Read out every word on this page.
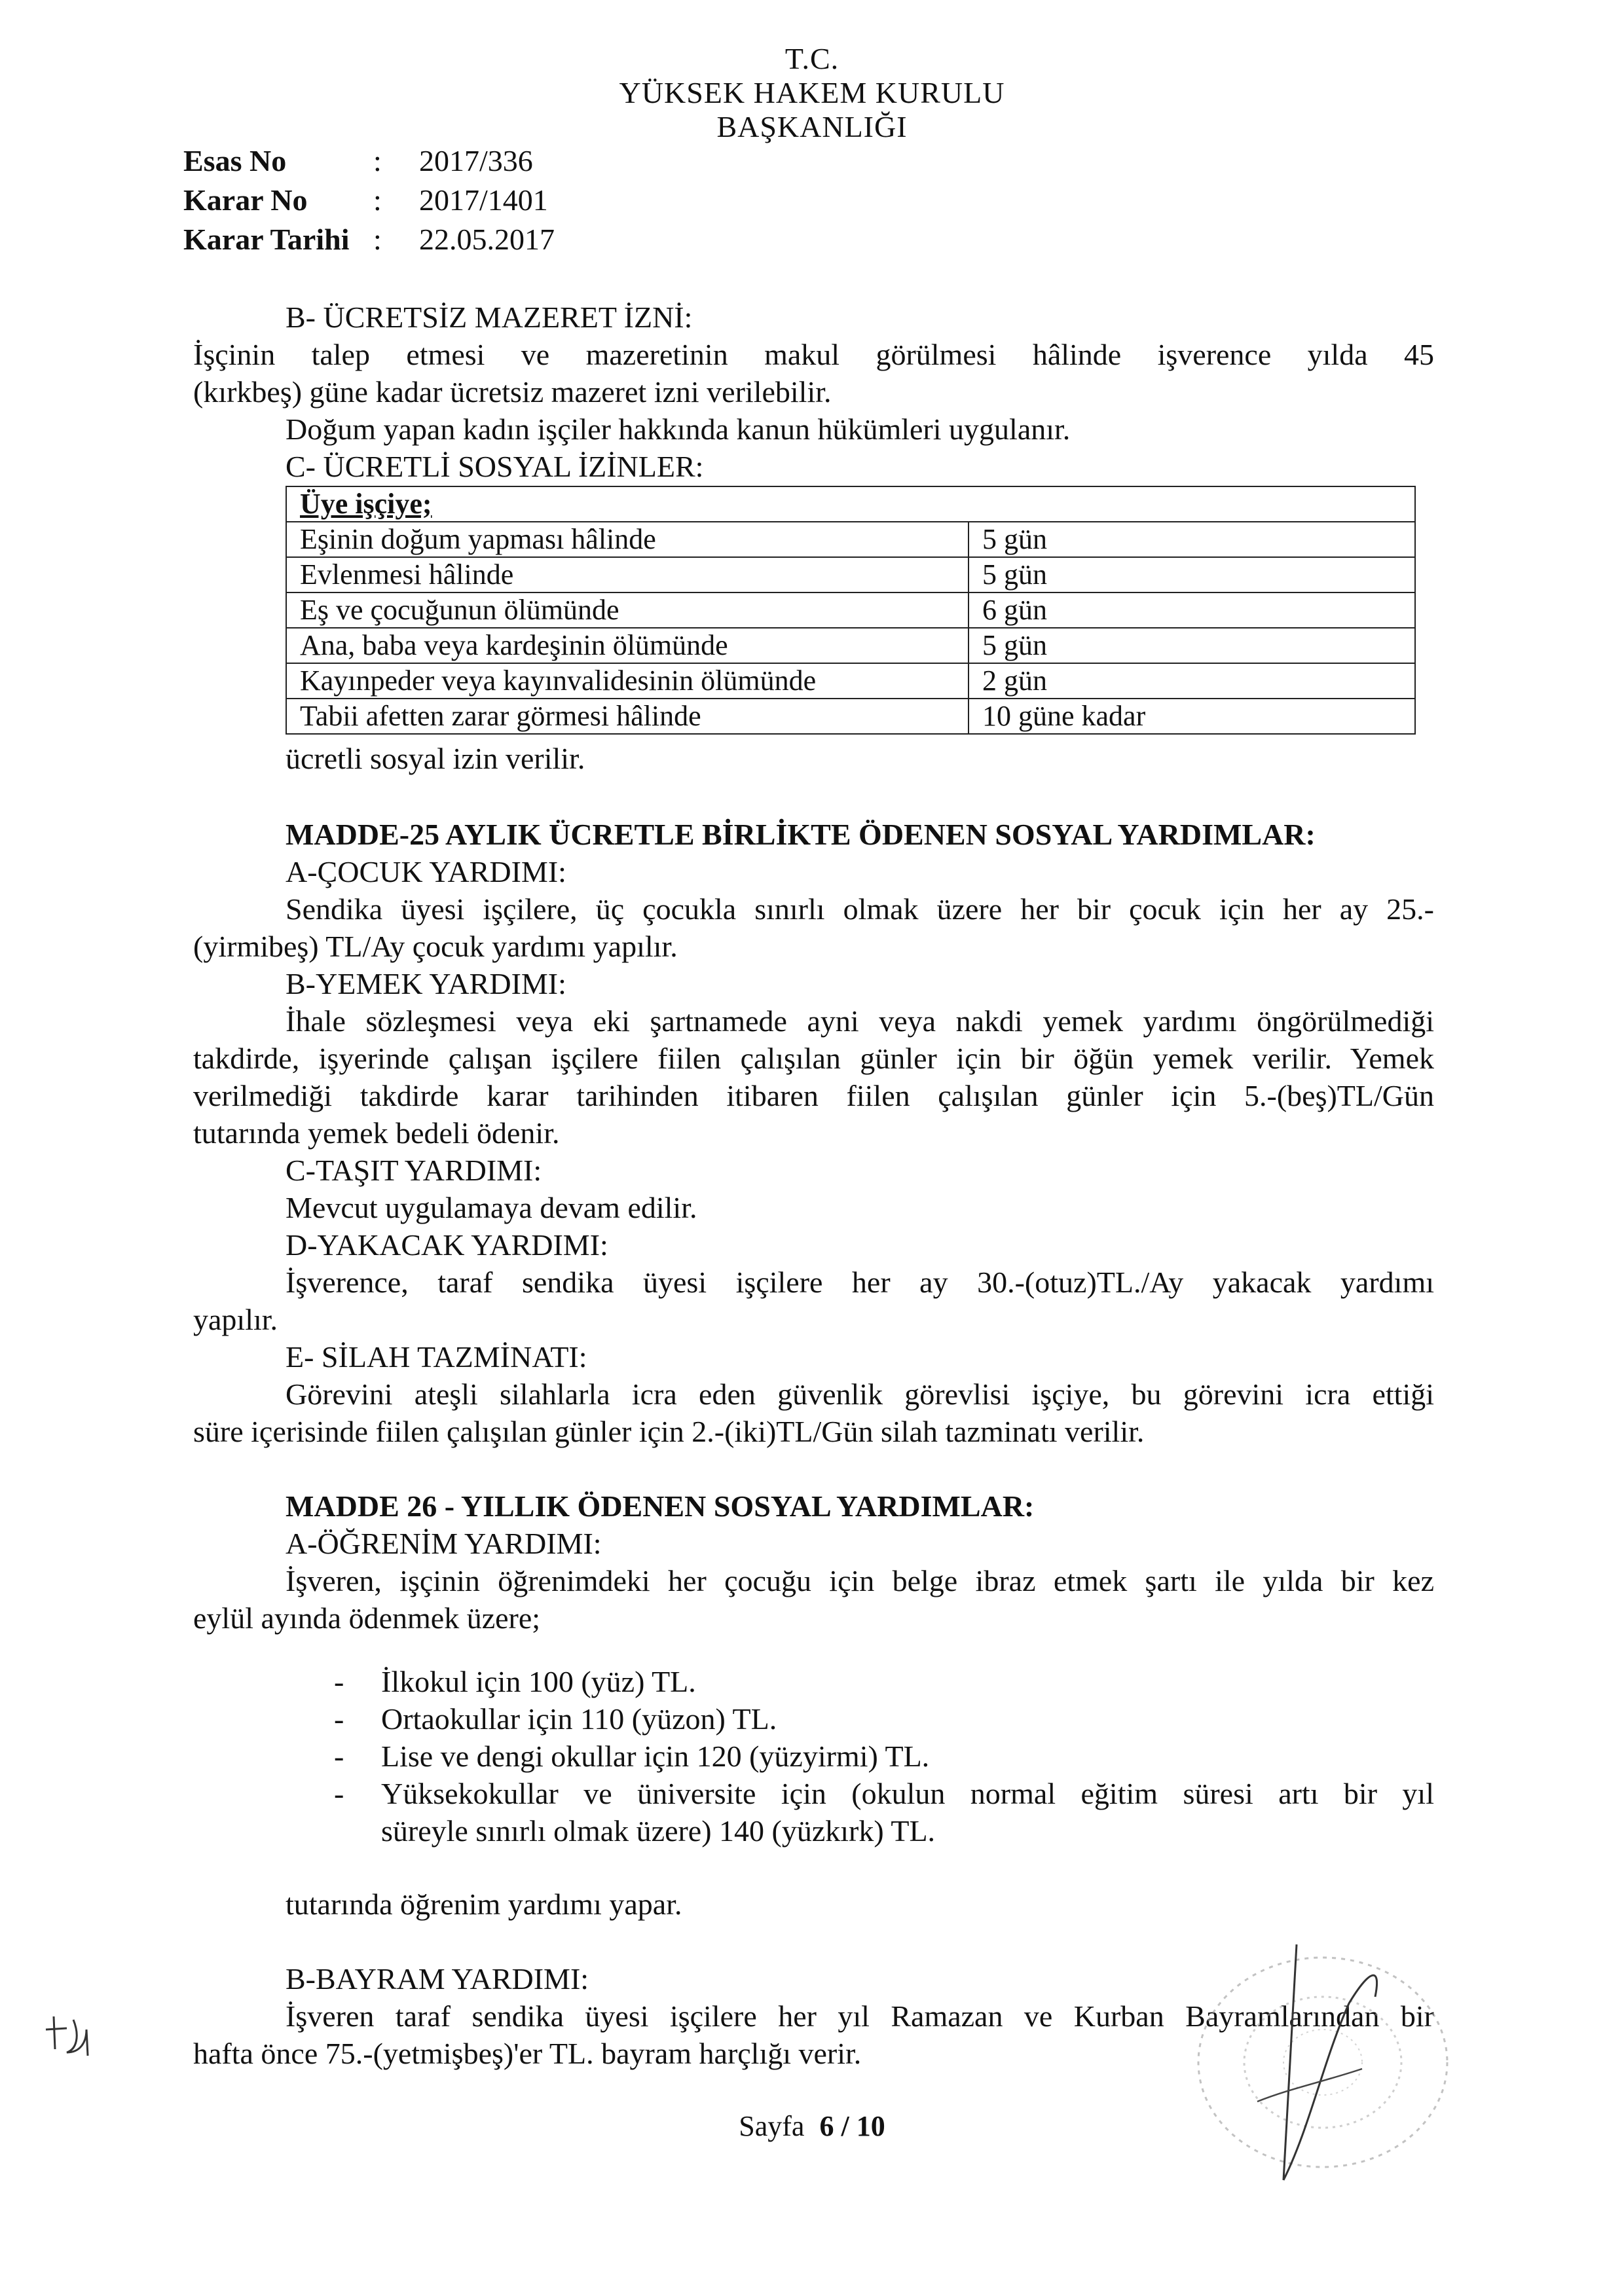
T.C.
YÜKSEK HAKEM KURULU
BAŞKANLIĞI
Esas No	: 2017/336
Karar No : 2017/1401
Karar Tarihi : 22.05.2017
B- ÜCRETSİZ MAZERET İZNİ:
İşçinin talep etmesi ve mazeretinin makul görülmesi hâlinde işverence yılda 45
(kırkbeş) güne kadar ücretsiz mazeret izni verilebilir.
Doğum yapan kadın işçiler hakkında kanun hükümleri uygulanır.
C- ÜCRETLİ SOSYAL İZİNLER:
Üye işçiye;	
Eşinin doğum yapması hâlinde	5 gün
Evlenmesi hâlinde	5 gün
Eş ve çocuğunun ölümünde	6 gün
Ana, baba veya kardeşinin ölümünde	5 gün
Kayınpeder veya kayınvalidesinin ölümünde	2 gün
Tabii afetten zarar görmesi hâlinde	10 güne kadar
ücretli sosyal izin verilir.
MADDE-25 AYLIK ÜCRETLE BİRLİKTE ÖDENEN SOSYAL YARDIMLAR:
A-ÇOCUK YARDIMI:
Sendika üyesi işçilere, üç çocukla sınırlı olmak üzere her bir çocuk için her ay 25.-
(yirmibeş) TL/Ay çocuk yardımı yapılır.
B-YEMEK YARDIMI:
İhale sözleşmesi veya eki şartnamede ayni veya nakdi yemek yardımı öngörülmediği
takdirde, işyerinde çalışan işçilere fiilen çalışılan günler için bir öğün yemek verilir. Yemek
verilmediği takdirde karar tarihinden itibaren fiilen çalışılan günler için 5.-(beş)TL/Gün
tutarında yemek bedeli ödenir.
C-TAŞIT YARDIMI:
Mevcut uygulamaya devam edilir.
D-YAKACAK YARDIMI:
İşverence, taraf sendika üyesi işçilere her ay 30.-(otuz)TL./Ay yakacak yardımı
yapılır.
E- SİLAH TAZMİNATI:
Görevini ateşli silahlarla icra eden güvenlik görevlisi işçiye, bu görevini icra ettiği
süre içerisinde fiilen çalışılan günler için 2.-(iki)TL/Gün silah tazminatı verilir.
MADDE 26 - YILLIK ÖDENEN SOSYAL YARDIMLAR:
A-ÖĞRENİM YARDIMI:
İşveren, işçinin öğrenimdeki her çocuğu için belge ibraz etmek şartı ile yılda bir kez
eylül ayında ödenmek üzere;
- İlkokul için 100 (yüz) TL.
- Ortaokullar için 110 (yüzon) TL.
- Lise ve dengi okullar için 120 (yüzyirmi) TL.
- Yüksekokullar ve üniversite için (okulun normal eğitim süresi artı bir yıl
süreyle sınırlı olmak üzere) 140 (yüzkırk) TL.
tutarında öğrenim yardımı yapar.
B-BAYRAM YARDIMI:
İşveren taraf sendika üyesi işçilere her yıl Ramazan ve Kurban Bayramlarından bir
hafta önce 75.-(yetmişbeş)'er TL. bayram harçlığı verir.
Sayfa 6 / 10
